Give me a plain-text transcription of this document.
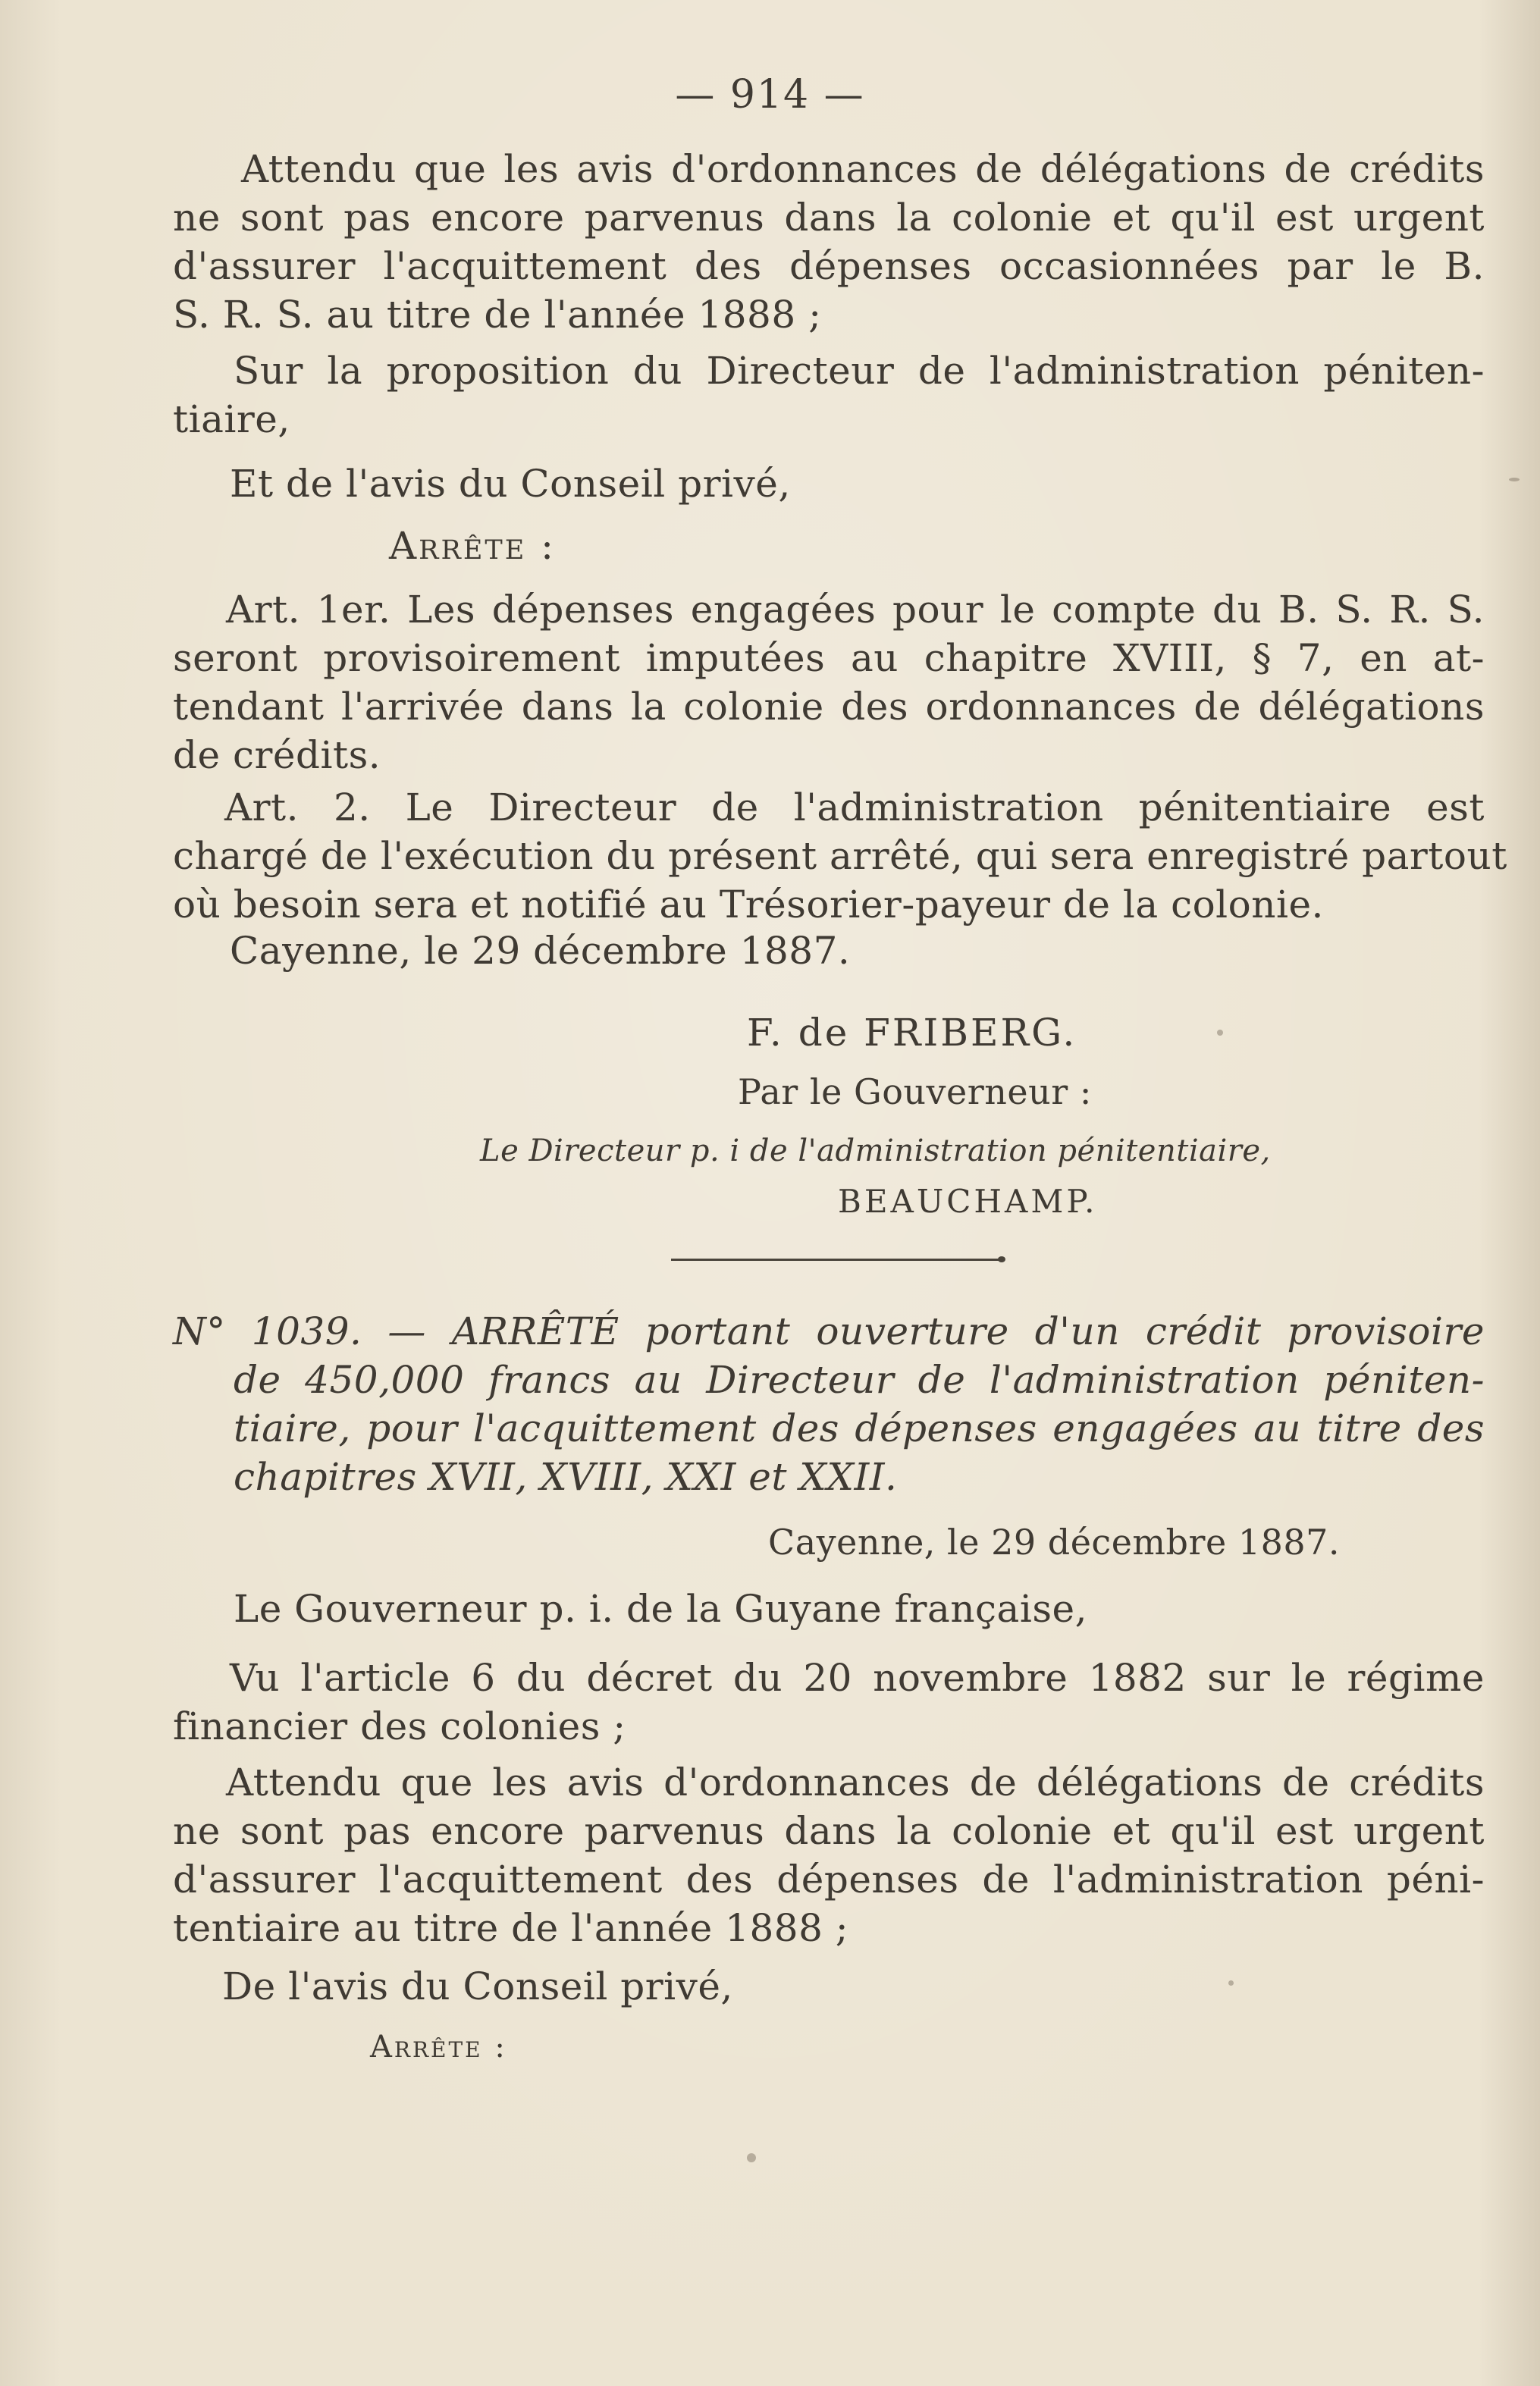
— 914 —
Attendu que les avis d'ordonnances de délégations de crédits
ne sont pas encore parvenus dans la colonie et qu'il est urgent
d'assurer l'acquittement des dépenses occasionnées par le B.
S. R. S. au titre de l'année 1888 ;
Sur la proposition du Directeur de l'administration péniten-
tiaire,
Et de l'avis du Conseil privé,
Arrête :
Art. 1er. Les dépenses engagées pour le compte du B. S. R. S.
seront provisoirement imputées au chapitre XVIII, § 7, en at-
tendant l'arrivée dans la colonie des ordonnances de délégations
de crédits.
Art. 2. Le Directeur de l'administration pénitentiaire est
chargé de l'exécution du présent arrêté, qui sera enregistré partout
où besoin sera et notifié au Trésorier-payeur de la colonie.
Cayenne, le 29 décembre 1887.
F. de FRIBERG.
Par le Gouverneur :
Le Directeur p. i de l'administration pénitentiaire,
BEAUCHAMP.
N° 1039. — ARRÊTÉ portant ouverture d'un crédit provisoire
de 450,000 francs au Directeur de l'administration péniten-
tiaire, pour l'acquittement des dépenses engagées au titre des
chapitres XVII, XVIII, XXI et XXII.
Cayenne, le 29 décembre 1887.
Le Gouverneur p. i. de la Guyane française,
Vu l'article 6 du décret du 20 novembre 1882 sur le régime
financier des colonies ;
Attendu que les avis d'ordonnances de délégations de crédits
ne sont pas encore parvenus dans la colonie et qu'il est urgent
d'assurer l'acquittement des dépenses de l'administration péni-
tentiaire au titre de l'année 1888 ;
De l'avis du Conseil privé,
Arrête :
